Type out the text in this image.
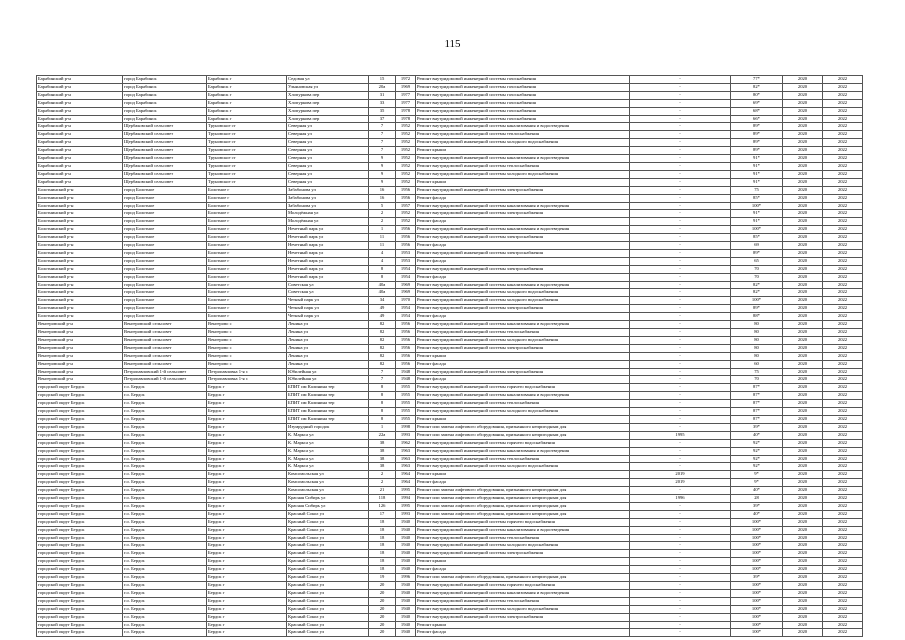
115
Барабинский р-н	город Барабинск	Барабинск г	Седовая ул	15	1972	Ремонт внутридомовой инженерной системы газоснабжения	-	77*	2020	2022
Барабинский р-н	город Барабинск	Барабинск г	Ульяновская ул	20а	1969	Ремонт внутридомовой инженерной системы газоснабжения	-	82*	2020	2022
Барабинский р-н	город Барабинск	Барабинск г	Хлопуркова пер	31	1977	Ремонт внутридомовой инженерной системы газоснабжения	-	80*	2020	2022
Барабинский р-н	город Барабинск	Барабинск г	Хлопуркова пер	33	1977	Ремонт внутридомовой инженерной системы газоснабжения	-	69*	2020	2022
Барабинский р-н	город Барабинск	Барабинск г	Хлопуркова пер	35	1978	Ремонт внутридомовой инженерной системы газоснабжения	-	68*	2020	2022
Барабинский р-н	город Барабинск	Барабинск г	Хлопуркова пер	37	1978	Ремонт внутридомовой инженерной системы газоснабжения	-	66*	2020	2022
Барабинский р-н	Щербаковский сельсовет	Труновское ст	Северная ул	7	1952	Ремонт внутридомовой инженерной системы канализования и водоотведения	-	89*	2020	2022
Барабинский р-н	Щербаковский сельсовет	Труновское ст	Северная ул	7	1952	Ремонт внутридомовой инженерной системы теплоснабжения	-	89*	2020	2022
Барабинский р-н	Щербаковский сельсовет	Труновское ст	Северная ул	7	1952	Ремонт внутридомовой инженерной системы холодного водоснабжения	-	89*	2020	2022
Барабинский р-н	Щербаковский сельсовет	Труновское ст	Северная ул	7	1952	Ремонт крыши	-	89*	2020	2022
Барабинский р-н	Щербаковский сельсовет	Труновское ст	Северная ул	9	1952	Ремонт внутридомовой инженерной системы канализования и водоотведения	-	91*	2020	2022
Барабинский р-н	Щербаковский сельсовет	Труновское ст	Северная ул	9	1952	Ремонт внутридомовой инженерной системы теплоснабжения	-	91*	2020	2022
Барабинский р-н	Щербаковский сельсовет	Труновское ст	Северная ул	9	1952	Ремонт внутридомовой инженерной системы холодного водоснабжения	-	91*	2020	2022
Барабинский р-н	Щербаковский сельсовет	Труновское ст	Северная ул	9	1952	Ремонт крыши	-	91*	2020	2022
Болотнинский р-н	город Болотное	Болотное г	Забабонова ул	16	1956	Ремонт внутридомовой инженерной системы электроснабжения	-	75	2020	2022
Болотнинский р-н	город Болотное	Болотное г	Забабонова ул	16	1956	Ремонт фасада	-	85*	2020	2022
Болотнинский р-н	город Болотное	Болотное г	Забабонова ул	5	1957	Ремонт внутридомовой инженерной системы канализования и водоотведения	-	100*	2020	2022
Болотнинский р-н	город Болотное	Болотное г	Молодёжная ул	2	1952	Ремонт внутридомовой инженерной системы электроснабжения	-	91*	2020	2022
Болотнинский р-н	город Болотное	Болотное г	Молодёжная ул	2	1952	Ремонт фасада	-	91*	2020	2022
Болотнинский р-н	город Болотное	Болотное г	Нечетный парк ул	1	1956	Ремонт внутридомовой инженерной системы канализования и водоотведения	-	100*	2020	2022
Болотнинский р-н	город Болотное	Болотное г	Нечетный парк ул	11	1956	Ремонт внутридомовой инженерной системы электроснабжения	-	85*	2020	2022
Болотнинский р-н	город Болотное	Болотное г	Нечетный парк ул	11	1956	Ремонт фасада	-	69	2020	2022
Болотнинский р-н	город Болотное	Болотное г	Нечетный парк ул	4	1953	Ремонт внутридомовой инженерной системы электроснабжения	-	89*	2020	2022
Болотнинский р-н	город Болотное	Болотное г	Нечетный парк ул	4	1953	Ремонт фасада	-	65	2020	2022
Болотнинский р-н	город Болотное	Болотное г	Нечетный парк ул	8	1954	Ремонт внутридомовой инженерной системы электроснабжения	-	70	2020	2022
Болотнинский р-н	город Болотное	Болотное г	Нечетный парк ул	8	1954	Ремонт фасада	-	70	2020	2022
Болотнинский р-н	город Болотное	Болотное г	Советская ул	40а	1969	Ремонт внутридомовой инженерной системы канализования и водоотведения	-	82*	2020	2022
Болотнинский р-н	город Болотное	Болотное г	Советская ул	40а	1969	Ремонт внутридомовой инженерной системы холодного водоснабжения	-	82*	2020	2022
Болотнинский р-н	город Болотное	Болотное г	Четный парк ул	34	1970	Ремонт внутридомовой инженерной системы холодного водоснабжения	-	100*	2020	2022
Болотнинский р-н	город Болотное	Болотное г	Четный парк ул	49	1954	Ремонт внутридомовой инженерной системы электроснабжения	-	89*	2020	2022
Болотнинский р-н	город Болотное	Болотное г	Четный парк ул	49	1954	Ремонт фасада	-	88*	2020	2022
Венгеровский р-н	Венгеровский сельсовет	Венгерово с	Ленина ул	82	1956	Ремонт внутридомовой инженерной системы канализования и водоотведения	-	80	2020	2022
Венгеровский р-н	Венгеровский сельсовет	Венгерово с	Ленина ул	82	1956	Ремонт внутридомовой инженерной системы теплоснабжения	-	80	2020	2022
Венгеровский р-н	Венгеровский сельсовет	Венгерово с	Ленина ул	82	1956	Ремонт внутридомовой инженерной системы холодного водоснабжения	-	80	2020	2022
Венгеровский р-н	Венгеровский сельсовет	Венгерово с	Ленина ул	82	1956	Ремонт внутридомовой инженерной системы электроснабжения	-	80	2020	2022
Венгеровский р-н	Венгеровский сельсовет	Венгерово с	Ленина ул	82	1956	Ремонт крыши	-	80	2020	2022
Венгеровский р-н	Венгеровский сельсовет	Венгерово с	Ленина ул	82	1956	Ремонт фасада	-	60	2020	2022
Венгеровский р-н	Петропавловский 1-й сельсовет	Петропавловка 1-я с	Юбилейная ул	7	1948	Ремонт внутридомовой инженерной системы электроснабжения	-	75	2020	2022
Венгеровский р-н	Петропавловский 1-й сельсовет	Петропавловка 1-я с	Юбилейная ул	7	1948	Ремонт фасада	-	70	2020	2022
городской округ Бердск	г.о. Бердск	Бердск г	БПИТ им Калинина тер	8	1955	Ремонт внутридомовой инженерной системы горячего водоснабжения	-	87*	2020	2022
городской округ Бердск	г.о. Бердск	Бердск г	БПИТ им Калинина тер	8	1955	Ремонт внутридомовой инженерной системы канализования и водоотведения	-	87*	2020	2022
городской округ Бердск	г.о. Бердск	Бердск г	БПИТ им Калинина тер	8	1955	Ремонт внутридомовой инженерной системы теплоснабжения	-	87*	2020	2022
городской округ Бердск	г.о. Бердск	Бердск г	БПИТ им Калинина тер	8	1955	Ремонт внутридомовой инженерной системы холодного водоснабжения	-	87*	2020	2022
городской округ Бердск	г.о. Бердск	Бердск г	БПИТ им Калинина тер	8	1955	Ремонт крыши	-	87*	2020	2022
городской округ Бердск	г.о. Бердск	Бердск г	Изумрудный городок	1	1998	Ремонт или замена лифтового оборудования, признанного непригодным для	-	39*	2020	2022
городской округ Бердск	г.о. Бердск	Бердск г	К. Маркса ул	22а	1993	Ремонт или замена лифтового оборудования, признанного непригодным для	1995	40*	2020	2022
городской округ Бердск	г.о. Бердск	Бердск г	К. Маркса ул	38	1962	Ремонт внутридомовой инженерной системы горячего водоснабжения	-	92*	2020	2022
городской округ Бердск	г.о. Бердск	Бердск г	К. Маркса ул	38	1963	Ремонт внутридомовой инженерной системы канализования и водоотведения	-	92*	2020	2022
городской округ Бердск	г.о. Бердск	Бердск г	К. Маркса ул	38	1963	Ремонт внутридомовой инженерной системы теплоснабжения	-	92*	2020	2022
городской округ Бердск	г.о. Бердск	Бердск г	К. Маркса ул	38	1963	Ремонт внутридомовой инженерной системы холодного водоснабжения	-	92*	2020	2022
городской округ Бердск	г.о. Бердск	Бердск г	Комсомольская ул	2	1964	Ремонт крыши	2019	9*	2020	2022
городской округ Бердск	г.о. Бердск	Бердск г	Комсомольская ул	2	1964	Ремонт фасада	2019	9*	2020	2022
городской округ Бердск	г.о. Бердск	Бердск г	Комсомольская ул	21	1995	Ремонт или замена лифтового оборудования, признанного непригодным для	-	40*	2020	2022
городской округ Бердск	г.о. Бердск	Бердск г	Красная Сибирь ул	118	1994	Ремонт или замена лифтового оборудования, признанного непригодным для	1996	28	2020	2022
городской округ Бердск	г.о. Бердск	Бердск г	Красная Сибирь ул	126	1995	Ремонт или замена лифтового оборудования, признанного непригодным для	-	39*	2020	2022
городской округ Бердск	г.о. Бердск	Бердск г	Красный Сокол ул	17	1993	Ремонт или замена лифтового оборудования, признанного непригодным для	-	40*	2020	2022
городской округ Бердск	г.о. Бердск	Бердск г	Красный Сокол ул	18	1940	Ремонт внутридомовой инженерной системы горячего водоснабжения	-	100*	2020	2022
городской округ Бердск	г.о. Бердск	Бердск г	Красный Сокол ул	18	1940	Ремонт внутридомовой инженерной системы канализования и водоотведения	-	100*	2020	2022
городской округ Бердск	г.о. Бердск	Бердск г	Красный Сокол ул	18	1940	Ремонт внутридомовой инженерной системы теплоснабжения	-	100*	2020	2022
городской округ Бердск	г.о. Бердск	Бердск г	Красный Сокол ул	18	1940	Ремонт внутридомовой инженерной системы холодного водоснабжения	-	100*	2020	2022
городской округ Бердск	г.о. Бердск	Бердск г	Красный Сокол ул	18	1940	Ремонт внутридомовой инженерной системы электроснабжения	-	100*	2020	2022
городской округ Бердск	г.о. Бердск	Бердск г	Красный Сокол ул	18	1940	Ремонт крыши	-	100*	2020	2022
городской округ Бердск	г.о. Бердск	Бердск г	Красный Сокол ул	18	1940	Ремонт фасада	-	100*	2020	2022
городской округ Бердск	г.о. Бердск	Бердск г	Красный Сокол ул	19	1996	Ремонт или замена лифтового оборудования, признанного непригодным для	-	39*	2020	2022
городской округ Бердск	г.о. Бердск	Бердск г	Красный Сокол ул	20	1940	Ремонт внутридомовой инженерной системы горячего водоснабжения	-	100*	2020	2022
городской округ Бердск	г.о. Бердск	Бердск г	Красный Сокол ул	20	1940	Ремонт внутридомовой инженерной системы канализования и водоотведения	-	100*	2020	2022
городской округ Бердск	г.о. Бердск	Бердск г	Красный Сокол ул	20	1940	Ремонт внутридомовой инженерной системы теплоснабжения	-	100*	2020	2022
городской округ Бердск	г.о. Бердск	Бердск г	Красный Сокол ул	20	1940	Ремонт внутридомовой инженерной системы холодного водоснабжения	-	100*	2020	2022
городской округ Бердск	г.о. Бердск	Бердск г	Красный Сокол ул	20	1940	Ремонт внутридомовой инженерной системы электроснабжения	-	100*	2020	2022
городской округ Бердск	г.о. Бердск	Бердск г	Красный Сокол ул	20	1940	Ремонт крыши	-	100*	2020	2022
городской округ Бердск	г.о. Бердск	Бердск г	Красный Сокол ул	20	1940	Ремонт фасада	-	100*	2020	2022
